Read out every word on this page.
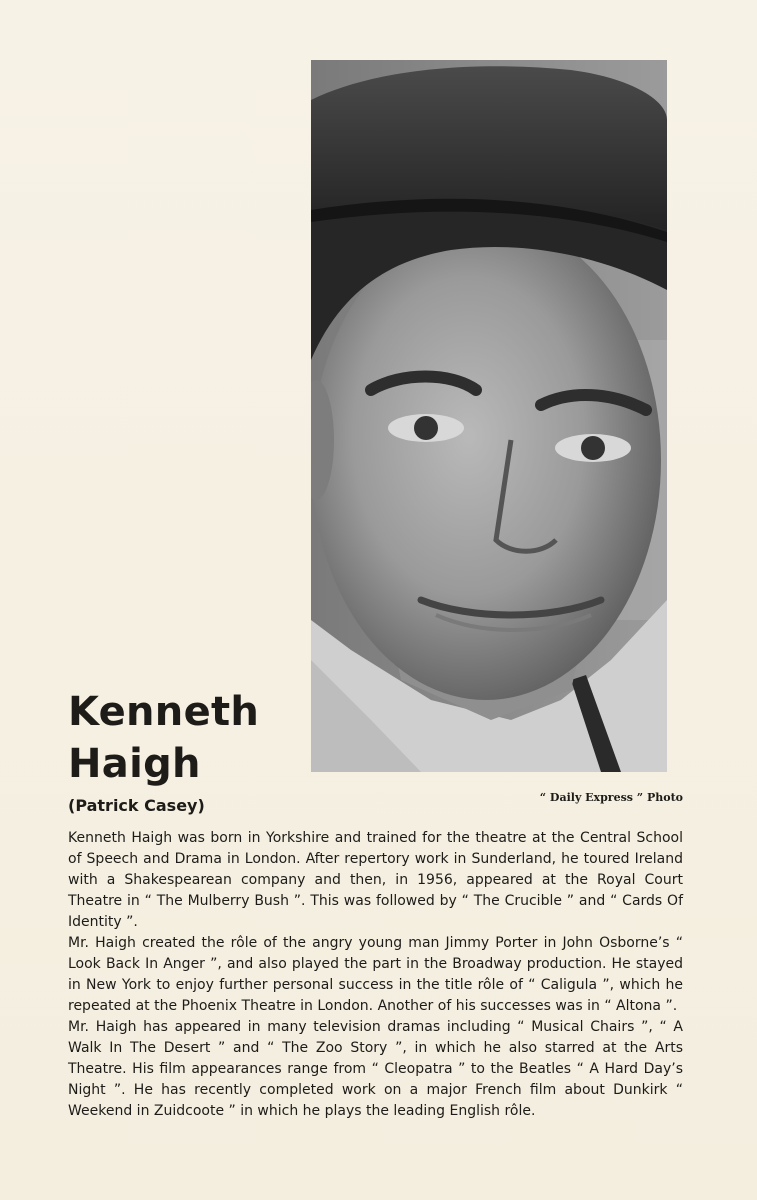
“ Daily Express ” Photo
Kenneth
Haigh
(Patrick Casey)

Kenneth Haigh was born in Yorkshire and trained for the theatre at the Central School of Speech and Drama in London. After repertory work in Sunderland, he toured Ireland with a Shakespearean company and then, in 1956, appeared at the Royal Court Theatre in “ The Mulberry Bush ”. This was followed by “ The Crucible ” and “ Cards Of Identity ”.

Mr. Haigh created the rôle of the angry young man Jimmy Porter in John Osborne’s “ Look Back In Anger ”, and also played the part in the Broadway production. He stayed in New York to enjoy further personal success in the title rôle of “ Caligula ”, which he repeated at the Phoenix Theatre in London. Another of his successes was in “ Altona ”.

Mr. Haigh has appeared in many television dramas including “ Musical Chairs ”, “ A Walk In The Desert ” and “ The Zoo Story ”, in which he also starred at the Arts Theatre. His film appearances range from “ Cleopatra ” to the Beatles “ A Hard Day’s Night ”. He has recently completed work on a major French film about Dunkirk “ Weekend in Zuidcoote ” in which he plays the leading English rôle.
